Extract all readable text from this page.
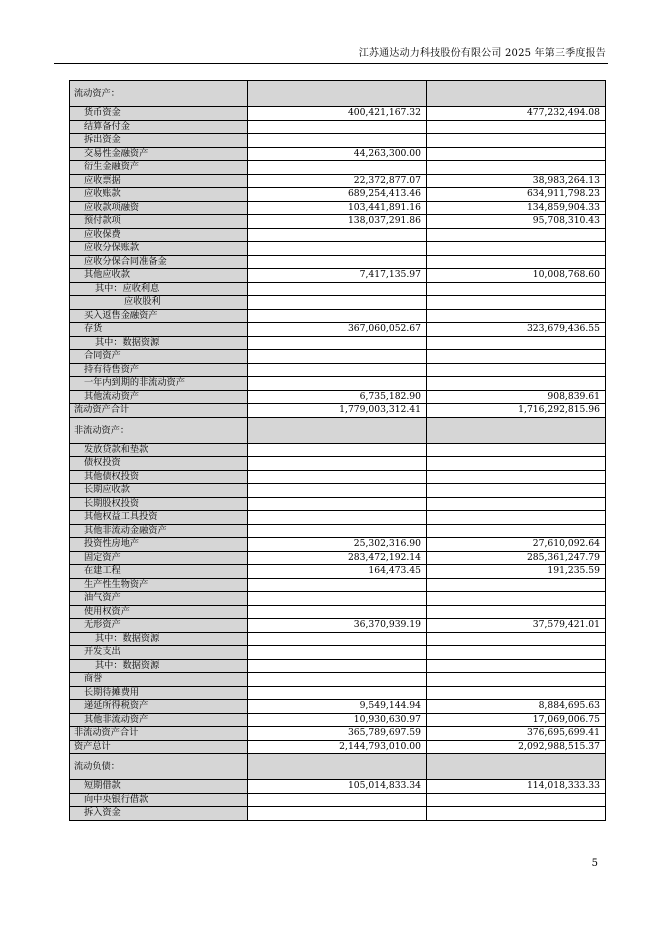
江苏通达动力科技股份有限公司 2025 年第三季度报告
流动资产：		
货币资金	400,421,167.32	477,232,494.08
结算备付金		
拆出资金		
交易性金融资产	44,263,300.00	
衍生金融资产		
应收票据	22,372,877.07	38,983,264.13
应收账款	689,254,413.46	634,911,798.23
应收款项融资	103,441,891.16	134,859,904.33
预付款项	138,037,291.86	95,708,310.43
应收保费		
应收分保账款		
应收分保合同准备金		
其他应收款	7,417,135.97	10,008,768.60
其中：应收利息		
应收股利		
买入返售金融资产		
存货	367,060,052.67	323,679,436.55
其中：数据资源		
合同资产		
持有待售资产		
一年内到期的非流动资产		
其他流动资产	6,735,182.90	908,839.61
流动资产合计	1,779,003,312.41	1,716,292,815.96
非流动资产：		
发放贷款和垫款		
债权投资		
其他债权投资		
长期应收款		
长期股权投资		
其他权益工具投资		
其他非流动金融资产		
投资性房地产	25,302,316.90	27,610,092.64
固定资产	283,472,192.14	285,361,247.79
在建工程	164,473.45	191,235.59
生产性生物资产		
油气资产		
使用权资产		
无形资产	36,370,939.19	37,579,421.01
其中：数据资源		
开发支出		
其中：数据资源		
商誉		
长期待摊费用		
递延所得税资产	9,549,144.94	8,884,695.63
其他非流动资产	10,930,630.97	17,069,006.75
非流动资产合计	365,789,697.59	376,695,699.41
资产总计	2,144,793,010.00	2,092,988,515.37
流动负债：		
短期借款	105,014,833.34	114,018,333.33
向中央银行借款		
拆入资金		
5
